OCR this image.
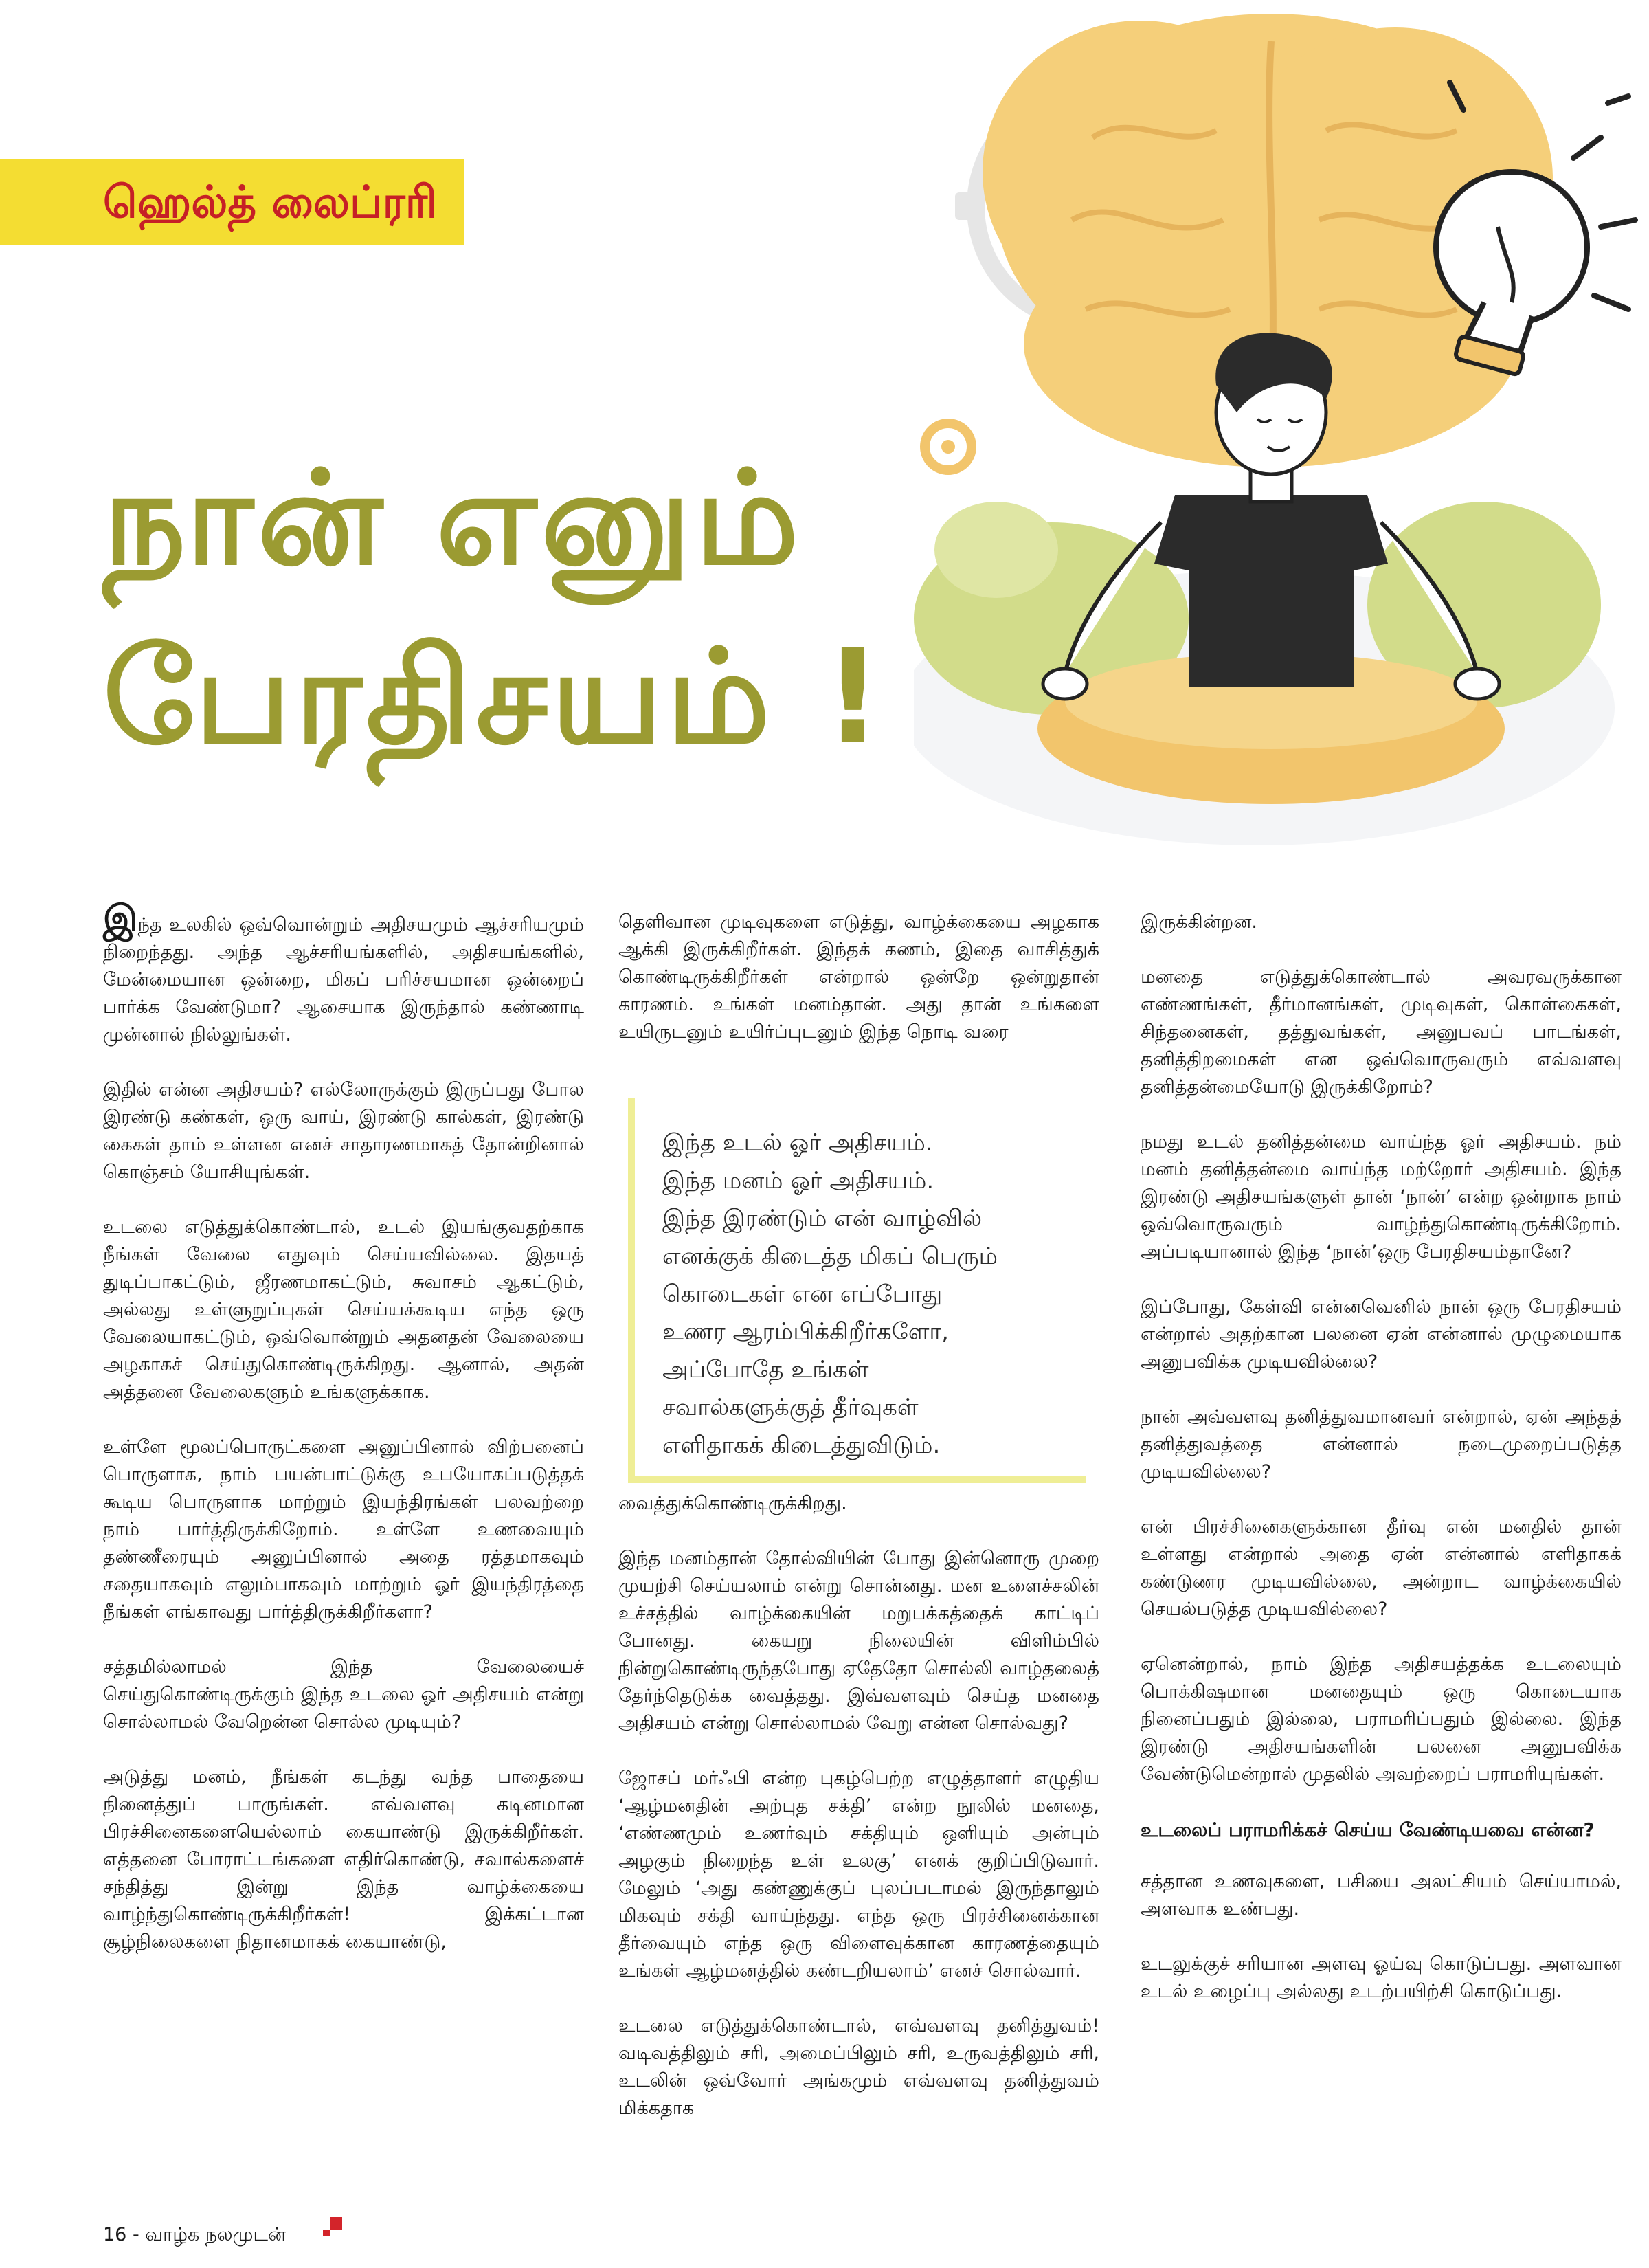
ஹெல்த் லைப்ரரி
நான் எனும்
பேரதிசயம் !

இந்த உலகில் ஒவ்வொன்றும் அதிசயமும் ஆச்சரியமும் நிறைந்தது. அந்த ஆச்சரியங்களில், அதிசயங்களில், மேன்மையான ஒன்றை, மிகப் பரிச்சயமான ஒன்றைப் பார்க்க வேண்டுமா? ஆசையாக இருந்தால் கண்ணாடி முன்னால் நில்லுங்கள்.

இதில் என்ன அதிசயம்? எல்லோருக்கும் இருப்பது போல இரண்டு கண்கள், ஒரு வாய், இரண்டு கால்கள், இரண்டு கைகள் தாம் உள்ளன எனச் சாதாரணமாகத் தோன்றினால் கொஞ்சம் யோசியுங்கள்.

உடலை எடுத்துக்கொண்டால், உடல் இயங்குவதற்காக நீங்கள் வேலை எதுவும் செய்யவில்லை. இதயத் துடிப்பாகட்டும், ஜீரணமாகட்டும், சுவாசம் ஆகட்டும், அல்லது உள்ளுறுப்புகள் செய்யக்கூடிய எந்த ஒரு வேலையாகட்டும், ஒவ்வொன்றும் அதனதன் வேலையை அழகாகச் செய்துகொண்டிருக்கிறது. ஆனால், அதன் அத்தனை வேலைகளும் உங்களுக்காக.

உள்ளே மூலப்பொருட்களை அனுப்பினால் விற்பனைப் பொருளாக, நாம் பயன்பாட்டுக்கு உபயோகப்படுத்தக் கூடிய பொருளாக மாற்றும் இயந்திரங்கள் பலவற்றை நாம் பார்த்திருக்கிறோம். உள்ளே உணவையும் தண்ணீரையும் அனுப்பினால் அதை ரத்தமாகவும் சதையாகவும் எலும்பாகவும் மாற்றும் ஓர் இயந்திரத்தை நீங்கள் எங்காவது பார்த்திருக்கிறீர்களா?

சத்தமில்லாமல் இந்த வேலையைச் செய்துகொண்டிருக்கும் இந்த உடலை ஓர் அதிசயம் என்று சொல்லாமல் வேறென்ன சொல்ல முடியும்?

அடுத்து மனம், நீங்கள் கடந்து வந்த பாதையை நினைத்துப் பாருங்கள். எவ்வளவு கடினமான பிரச்சினைகளையெல்லாம் கையாண்டு இருக்கிறீர்கள். எத்தனை போராட்டங்களை எதிர்கொண்டு, சவால்களைச் சந்தித்து இன்று இந்த வாழ்க்கையை வாழ்ந்துகொண்டிருக்கிறீர்கள்! இக்கட்டான சூழ்நிலைகளை நிதானமாகக் கையாண்டு,

தெளிவான முடிவுகளை எடுத்து, வாழ்க்கையை அழகாக ஆக்கி இருக்கிறீர்கள். இந்தக் கணம், இதை வாசித்துக் கொண்டிருக்கிறீர்கள் என்றால் ஒன்றே ஒன்றுதான் காரணம். உங்கள் மனம்தான். அது தான் உங்களை உயிருடனும் உயிர்ப்புடனும் இந்த நொடி வரை

இந்த உடல் ஓர் அதிசயம்.
இந்த மனம் ஓர் அதிசயம்.
இந்த இரண்டும் என் வாழ்வில்
எனக்குக் கிடைத்த மிகப் பெரும்
கொடைகள் என எப்போது
உணர ஆரம்பிக்கிறீர்களோ,
அப்போதே உங்கள்
சவால்களுக்குத் தீர்வுகள்
எளிதாகக் கிடைத்துவிடும்.

வைத்துக்கொண்டிருக்கிறது.

இந்த மனம்தான் தோல்வியின் போது இன்னொரு முறை முயற்சி செய்யலாம் என்று சொன்னது. மன உளைச்சலின் உச்சத்தில் வாழ்க்கையின் மறுபக்கத்தைக் காட்டிப் போனது. கையறு நிலையின் விளிம்பில் நின்றுகொண்டிருந்தபோது ஏதேதோ சொல்லி வாழ்தலைத் தேர்ந்தெடுக்க வைத்தது. இவ்வளவும் செய்த மனதை அதிசயம் என்று சொல்லாமல் வேறு என்ன சொல்வது?

ஜோசப் மர்ஃபி என்ற புகழ்பெற்ற எழுத்தாளர் எழுதிய ‘ஆழ்மனதின் அற்புத சக்தி’ என்ற நூலில் மனதை, ‘எண்ணமும் உணர்வும் சக்தியும் ஒளியும் அன்பும் அழகும் நிறைந்த உள் உலகு’ எனக் குறிப்பிடுவார். மேலும் ‘அது கண்ணுக்குப் புலப்படாமல் இருந்தாலும் மிகவும் சக்தி வாய்ந்தது. எந்த ஒரு பிரச்சினைக்கான தீர்வையும் எந்த ஒரு விளைவுக்கான காரணத்தையும் உங்கள் ஆழ்மனத்தில் கண்டறியலாம்’ எனச் சொல்வார்.

உடலை எடுத்துக்கொண்டால், எவ்வளவு தனித்துவம்! வடிவத்திலும் சரி, அமைப்பிலும் சரி, உருவத்திலும் சரி, உடலின் ஒவ்வோர் அங்கமும் எவ்வளவு தனித்துவம் மிக்கதாக

இருக்கின்றன.

மனதை எடுத்துக்கொண்டால் அவரவருக்கான எண்ணங்கள், தீர்மானங்கள், முடிவுகள், கொள்கைகள், சிந்தனைகள், தத்துவங்கள், அனுபவப் பாடங்கள், தனித்திறமைகள் என ஒவ்வொருவரும் எவ்வளவு தனித்தன்மையோடு இருக்கிறோம்?

நமது உடல் தனித்தன்மை வாய்ந்த ஓர் அதிசயம். நம் மனம் தனித்தன்மை வாய்ந்த மற்றோர் அதிசயம். இந்த இரண்டு அதிசயங்களுள் தான் ‘நான்’ என்ற ஒன்றாக நாம் ஒவ்வொருவரும் வாழ்ந்துகொண்டிருக்கிறோம். அப்படியானால் இந்த ‘நான்’ஒரு பேரதிசயம்தானே?

இப்போது, கேள்வி என்னவெனில் நான் ஒரு பேரதிசயம் என்றால் அதற்கான பலனை ஏன் என்னால் முழுமையாக அனுபவிக்க முடியவில்லை?

நான் அவ்வளவு தனித்துவமானவர் என்றால், ஏன் அந்தத் தனித்துவத்தை என்னால் நடைமுறைப்படுத்த முடியவில்லை?

என் பிரச்சினைகளுக்கான தீர்வு என் மனதில் தான் உள்ளது என்றால் அதை ஏன் என்னால் எளிதாகக் கண்டுணர முடியவில்லை, அன்றாட வாழ்க்கையில் செயல்படுத்த முடியவில்லை?

ஏனென்றால், நாம் இந்த அதிசயத்தக்க உடலையும் பொக்கிஷமான மனதையும் ஒரு கொடையாக நினைப்பதும் இல்லை, பராமரிப்பதும் இல்லை. இந்த இரண்டு அதிசயங்களின் பலனை அனுபவிக்க வேண்டுமென்றால் முதலில் அவற்றைப் பராமரியுங்கள்.

உடலைப் பராமரிக்கச் செய்ய வேண்டியவை என்ன?

சத்தான உணவுகளை, பசியை அலட்சியம் செய்யாமல், அளவாக உண்பது.

உடலுக்குச் சரியான அளவு ஓய்வு கொடுப்பது. அளவான உடல் உழைப்பு அல்லது உடற்பயிற்சி கொடுப்பது.

16 - வாழ்க நலமுடன்
